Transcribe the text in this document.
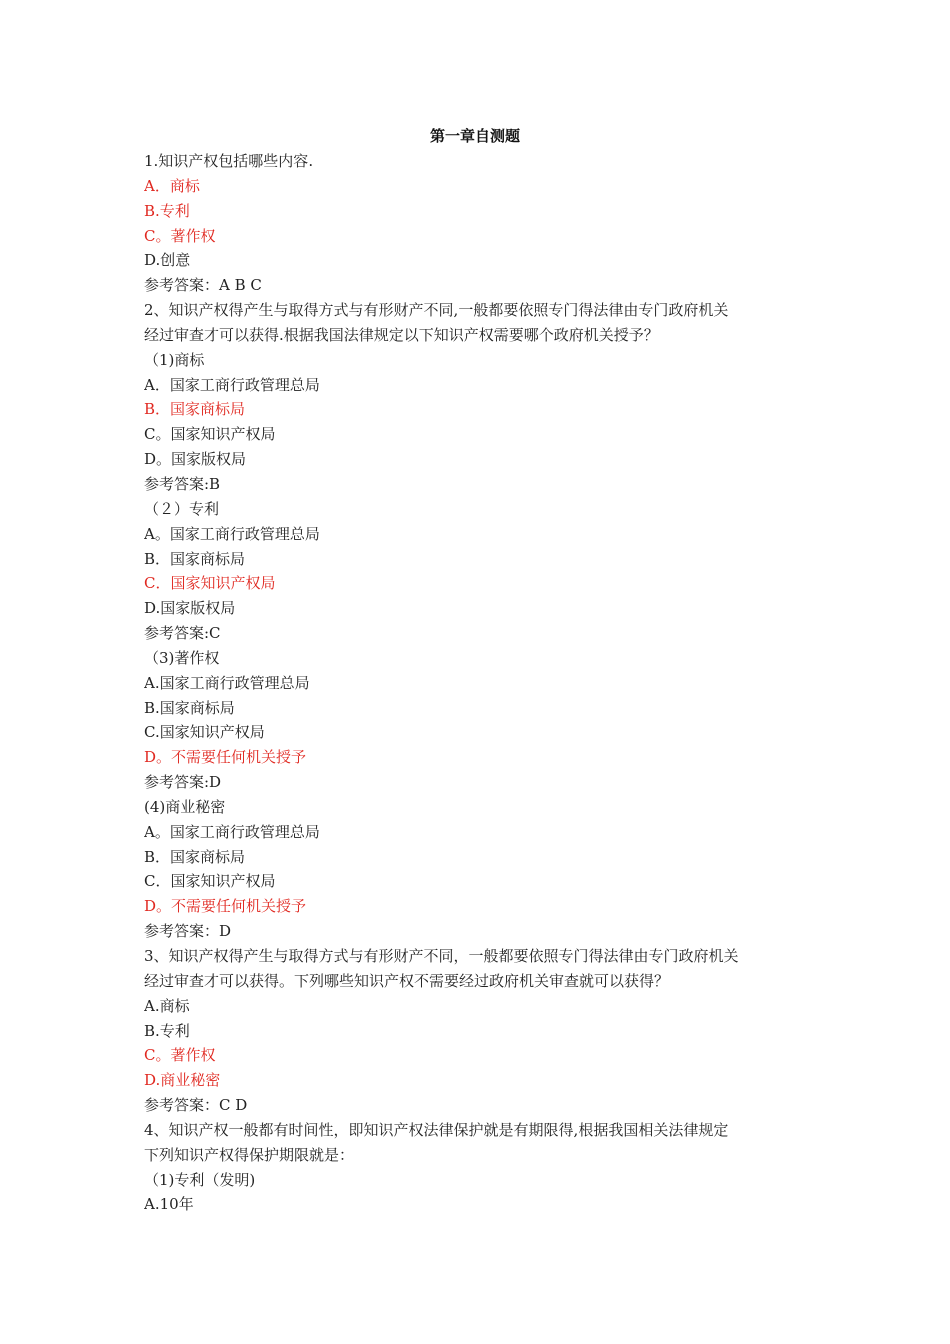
第一章自测题
1.知识产权包括哪些内容.
A．商标
B.专利
C。著作权
D.创意
参考答案：A B C
2、知识产权得产生与取得方式与有形财产不同,一般都要依照专门得法律由专门政府机关
经过审查才可以获得.根据我国法律规定以下知识产权需要哪个政府机关授予？
（1)商标
A．国家工商行政管理总局
B．国家商标局
C。国家知识产权局
D。国家版权局
参考答案:B
（２）专利
A。国家工商行政管理总局
B．国家商标局
C．国家知识产权局
D.国家版权局
参考答案:C
（3)著作权
A.国家工商行政管理总局
B.国家商标局
C.国家知识产权局
D。不需要任何机关授予
参考答案:D
(4)商业秘密
A。国家工商行政管理总局
B．国家商标局
C．国家知识产权局
D。不需要任何机关授予
参考答案：D
3、知识产权得产生与取得方式与有形财产不同，一般都要依照专门得法律由专门政府机关
经过审查才可以获得。下列哪些知识产权不需要经过政府机关审查就可以获得？
A.商标
B.专利
C。著作权
D.商业秘密
参考答案：C D
4、知识产权一般都有时间性，即知识产权法律保护就是有期限得,根据我国相关法律规定
下列知识产权得保护期限就是：
（1)专利（发明)
A.10年
